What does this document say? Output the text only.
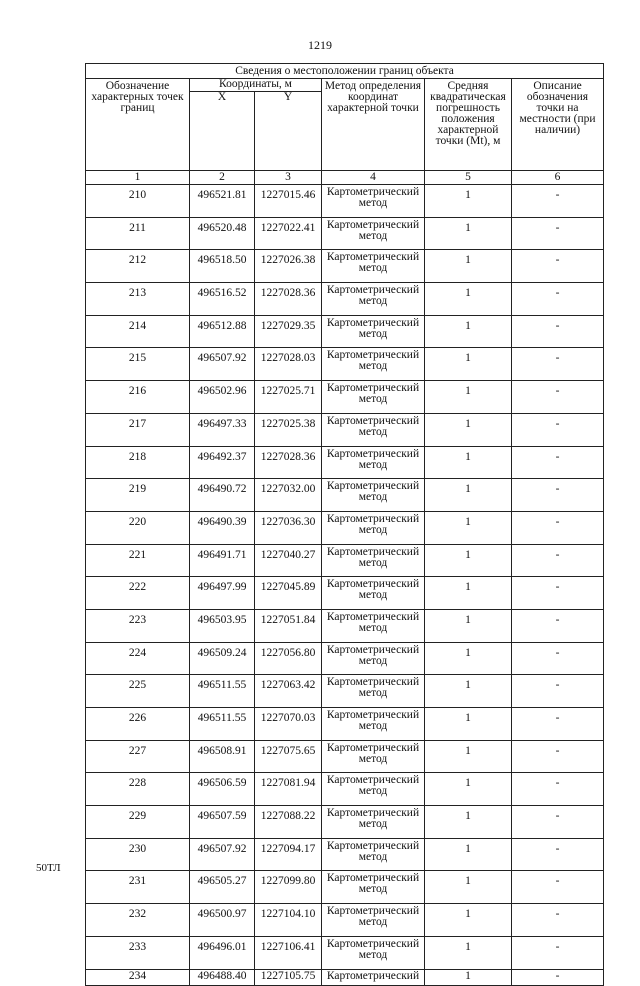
1219
Сведения о местоположении границ объекта					
Обозначение характерных точек границ	Координаты, м		Метод определения координат характерной точки	Средняя квадратическая погрешность положения характерной точки (Mt), м	Описание обозначения точки на местности (при наличии)
	X	Y			
1	2	3	4	5	6
210	496521.81	1227015.46	Картометрический метод	1	-
211	496520.48	1227022.41	Картометрический метод	1	-
212	496518.50	1227026.38	Картометрический метод	1	-
213	496516.52	1227028.36	Картометрический метод	1	-
214	496512.88	1227029.35	Картометрический метод	1	-
215	496507.92	1227028.03	Картометрический метод	1	-
216	496502.96	1227025.71	Картометрический метод	1	-
217	496497.33	1227025.38	Картометрический метод	1	-
218	496492.37	1227028.36	Картометрический метод	1	-
219	496490.72	1227032.00	Картометрический метод	1	-
220	496490.39	1227036.30	Картометрический метод	1	-
221	496491.71	1227040.27	Картометрический метод	1	-
222	496497.99	1227045.89	Картометрический метод	1	-
223	496503.95	1227051.84	Картометрический метод	1	-
224	496509.24	1227056.80	Картометрический метод	1	-
225	496511.55	1227063.42	Картометрический метод	1	-
226	496511.55	1227070.03	Картометрический метод	1	-
227	496508.91	1227075.65	Картометрический метод	1	-
228	496506.59	1227081.94	Картометрический метод	1	-
229	496507.59	1227088.22	Картометрический метод	1	-
230	496507.92	1227094.17	Картометрический метод	1	-
231	496505.27	1227099.80	Картометрический метод	1	-
232	496500.97	1227104.10	Картометрический метод	1	-
233	496496.01	1227106.41	Картометрический метод	1	-
234	496488.40	1227105.75	Картометрический	1	-
50ТЛ
